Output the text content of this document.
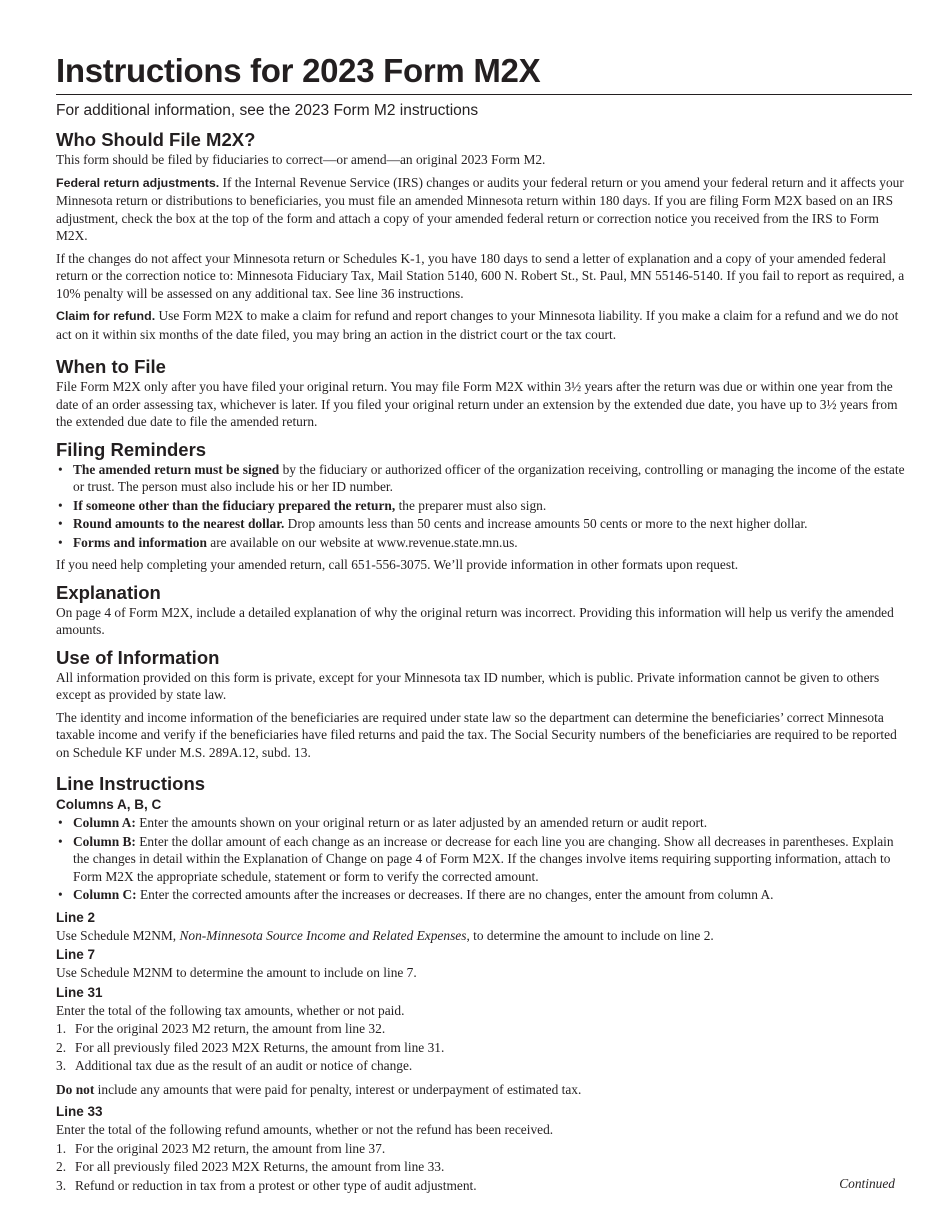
Instructions for 2023 Form M2X

For additional information, see the 2023 Form M2 instructions

Who Should File M2X?

This form should be filed by fiduciaries to correct—or amend—an original 2023 Form M2.

Federal return adjustments. If the Internal Revenue Service (IRS) changes or audits your federal return or you amend your federal return and it affects your Minnesota return or distributions to beneficiaries, you must file an amended Minnesota return within 180 days. If you are filing Form M2X based on an IRS adjustment, check the box at the top of the form and attach a copy of your amended federal return or correction notice you received from the IRS to Form M2X.

If the changes do not affect your Minnesota return or Schedules K-1, you have 180 days to send a letter of explanation and a copy of your amended federal return or the correction notice to: Minnesota Fiduciary Tax, Mail Station 5140, 600 N. Robert St., St. Paul, MN 55146-5140. If you fail to report as required, a 10% penalty will be assessed on any additional tax. See line 36 instructions.

Claim for refund. Use Form M2X to make a claim for refund and report changes to your Minnesota liability. If you make a claim for a refund and we do not act on it within six months of the date filed, you may bring an action in the district court or the tax court.

When to File

File Form M2X only after you have filed your original return. You may file Form M2X within 3½ years after the return was due or within one year from the date of an order assessing tax, whichever is later. If you filed your original return under an extension by the extended due date, you have up to 3½ years from the extended due date to file the amended return.

Filing Reminders
• The amended return must be signed by the fiduciary or authorized officer of the organization receiving, controlling or managing the income of the estate or trust. The person must also include his or her ID number.
• If someone other than the fiduciary prepared the return, the preparer must also sign.
• Round amounts to the nearest dollar. Drop amounts less than 50 cents and increase amounts 50 cents or more to the next higher dollar.
• Forms and information are available on our website at www.revenue.state.mn.us.

If you need help completing your amended return, call 651-556-3075. We’ll provide information in other formats upon request.

Explanation

On page 4 of Form M2X, include a detailed explanation of why the original return was incorrect. Providing this information will help us verify the amended amounts.

Use of Information

All information provided on this form is private, except for your Minnesota tax ID number, which is public. Private information cannot be given to others except as provided by state law.

The identity and income information of the beneficiaries are required under state law so the department can determine the beneficiaries’ correct Minnesota taxable income and verify if the beneficiaries have filed returns and paid the tax. The Social Security numbers of the beneficiaries are required to be reported on Schedule KF under M.S. 289A.12, subd. 13.

Line Instructions
Columns A, B, C
• Column A: Enter the amounts shown on your original return or as later adjusted by an amended return or audit report.
• Column B: Enter the dollar amount of each change as an increase or decrease for each line you are changing. Show all decreases in parentheses. Explain the changes in detail within the Explanation of Change on page 4 of Form M2X. If the changes involve items requiring supporting information, attach to Form M2X the appropriate schedule, statement or form to verify the corrected amount.
• Column C: Enter the corrected amounts after the increases or decreases. If there are no changes, enter the amount from column A.
Line 2

Use Schedule M2NM, Non-Minnesota Source Income and Related Expenses, to determine the amount to include on line 2.

Line 7

Use Schedule M2NM to determine the amount to include on line 7.

Line 31

Enter the total of the following tax amounts, whether or not paid.

1. For the original 2023 M2 return, the amount from line 32.
2. For all previously filed 2023 M2X Returns, the amount from line 31.
3. Additional tax due as the result of an audit or notice of change.

Do not include any amounts that were paid for penalty, interest or underpayment of estimated tax.

Line 33

Enter the total of the following refund amounts, whether or not the refund has been received.

1. For the original 2023 M2 return, the amount from line 37.
2. For all previously filed 2023 M2X Returns, the amount from line 33.
3. Refund or reduction in tax from a protest or other type of audit adjustment.	Continued
